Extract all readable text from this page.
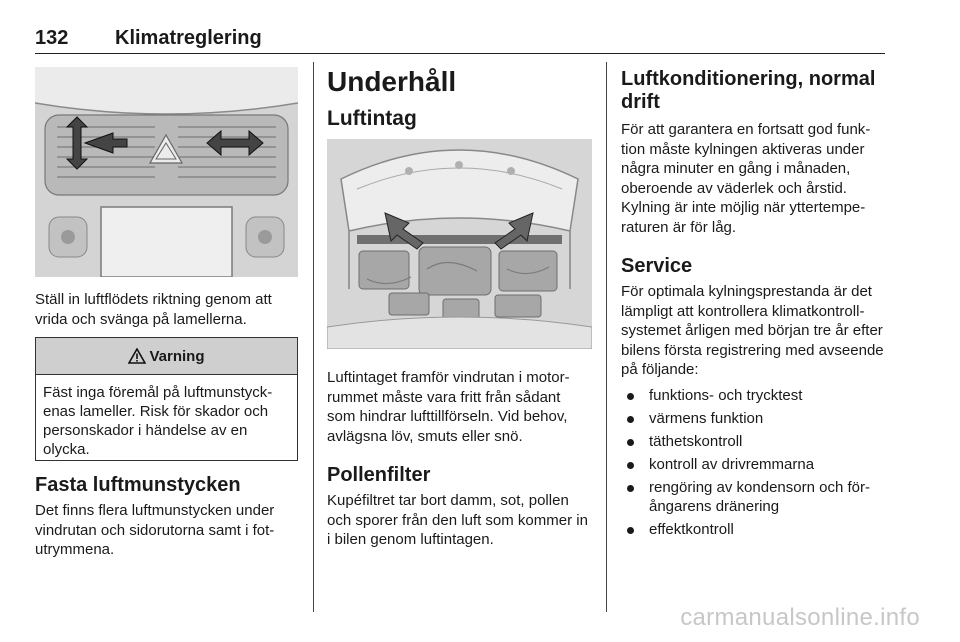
132 Klimatreglering

Ställ in luftflödets riktning genom att vrida och svänga på lamellerna.

Varning
Fäst inga föremål på luftmunstyckenas lameller. Risk för skador och personskador i händelse av en olycka.
Fasta luftmunstycken

Det finns flera luftmunstycken under vindrutan och sidorutorna samt i fotutrymmena.

Underhåll
Luftintag

Luftintaget framför vindrutan i motorrummet måste vara fritt från sådant som hindrar lufttillförseln. Vid behov, avlägsna löv, smuts eller snö.

Pollenfilter

Kupéfiltret tar bort damm, sot, pollen och sporer från den luft som kommer in i bilen genom luftintagen.

Luftkonditionering, normal drift

För att garantera en fortsatt god funktion måste kylningen aktiveras under några minuter en gång i månaden, oberoende av väderlek och årstid. Kylning är inte möjlig när yttertemperaturen är för låg.

Service

För optimala kylningsprestanda är det lämpligt att kontrollera klimatkontrollsystemet årligen med början tre år efter bilens första registrering med avseende på följande:

funktions- och trycktest
värmens funktion
täthetskontroll
kontroll av drivremmarna
rengöring av kondensorn och förångarens dränering
effektkontroll
carmanualsonline.info
